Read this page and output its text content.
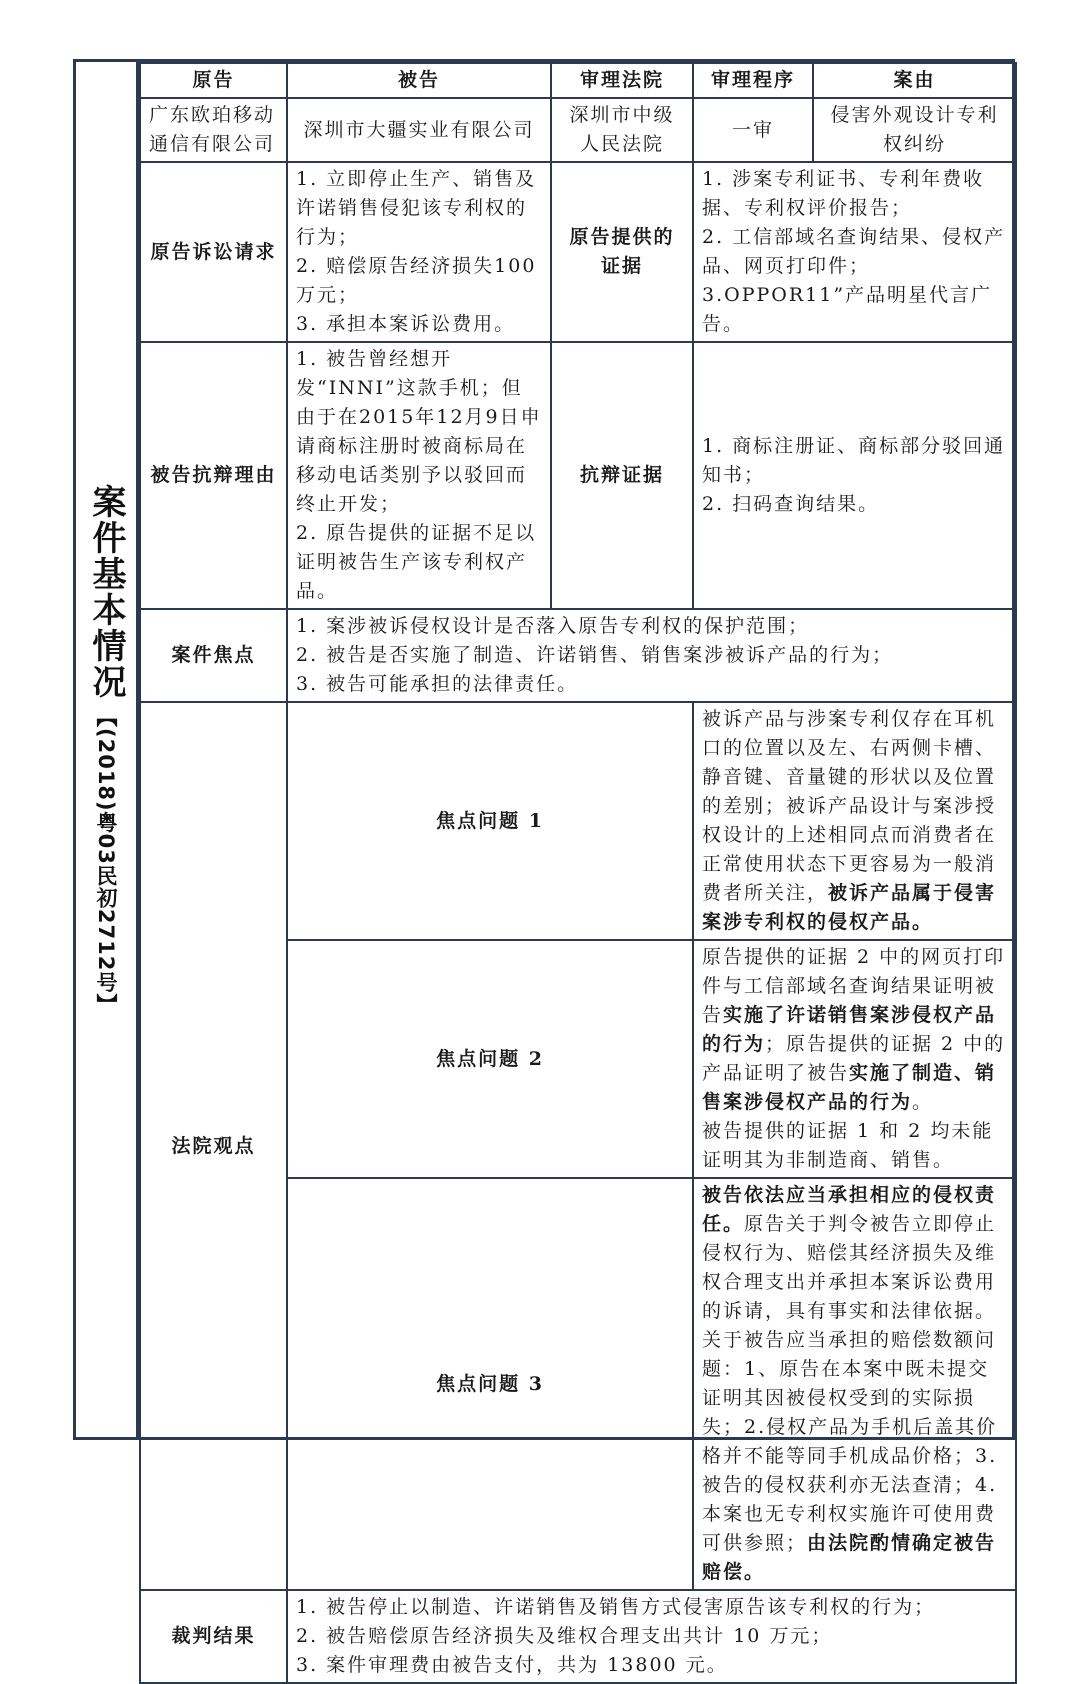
案件基本情况
【(2018)粤03民初2712号】
原告	被告	审理法院	审理程序	案由
广东欧珀移动通信有限公司	深圳市大疆实业有限公司	深圳市中级人民法院	一审	侵害外观设计专利权纠纷
原告诉讼请求	1. 立即停止生产、销售及许诺销售侵犯该专利权的行为；
2. 赔偿原告经济损失100万元；
3. 承担本案诉讼费用。	原告提供的证据	1. 涉案专利证书、专利年费收据、专利权评价报告；
2. 工信部域名查询结果、侵权产品、网页打印件；
3.OPPOR11”产品明星代言广告。	

被告抗辩理由	1. 被告曾经想开发“INNI”这款手机；但由于在2015年12月9日申请商标注册时被商标局在移动电话类别予以驳回而终止开发；
2. 原告提供的证据不足以证明被告生产该专利权产品。	抗辩证据	1. 商标注册证、商标部分驳回通知书；
2. 扫码查询结果。	

案件焦点	1. 案涉被诉侵权设计是否落入原告专利权的保护范围；
2. 被告是否实施了制造、许诺销售、销售案涉被诉产品的行为；
3. 被告可能承担的法律责任。			

法院观点	焦点问题 1		被诉产品与涉案专利仅存在耳机口的位置以及左、右两侧卡槽、静音键、音量键的形状以及位置的差别；被诉产品设计与案涉授权设计的上述相同点而消费者在正常使用状态下更容易为一般消费者所关注，被诉产品属于侵害案涉专利权的侵权产品。	
	焦点问题 2		原告提供的证据 2 中的网页打印件与工信部域名查询结果证明被告实施了许诺销售案涉侵权产品的行为；原告提供的证据 2 中的产品证明了被告实施了制造、销售案涉侵权产品的行为。
被告提供的证据 1 和 2 均未能证明其为非制造商、销售。	

	焦点问题 3		被告依法应当承担相应的侵权责任。原告关于判令被告立即停止侵权行为、赔偿其经济损失及维权合理支出并承担本案诉讼费用的诉请，具有事实和法律依据。
关于被告应当承担的赔偿数额问题：1、原告在本案中既未提交证明其因被侵权受到的实际损失；2.侵权产品为手机后盖其价格并不能等同手机成品价格；3.被告的侵权获利亦无法查清；4.本案也无专利权实施许可使用费可供参照；由法院酌情确定被告赔偿。	

裁判结果	1. 被告停止以制造、许诺销售及销售方式侵害原告该专利权的行为；
2. 被告赔偿原告经济损失及维权合理支出共计 10 万元；
3. 案件审理费由被告支付，共为 13800 元。			
